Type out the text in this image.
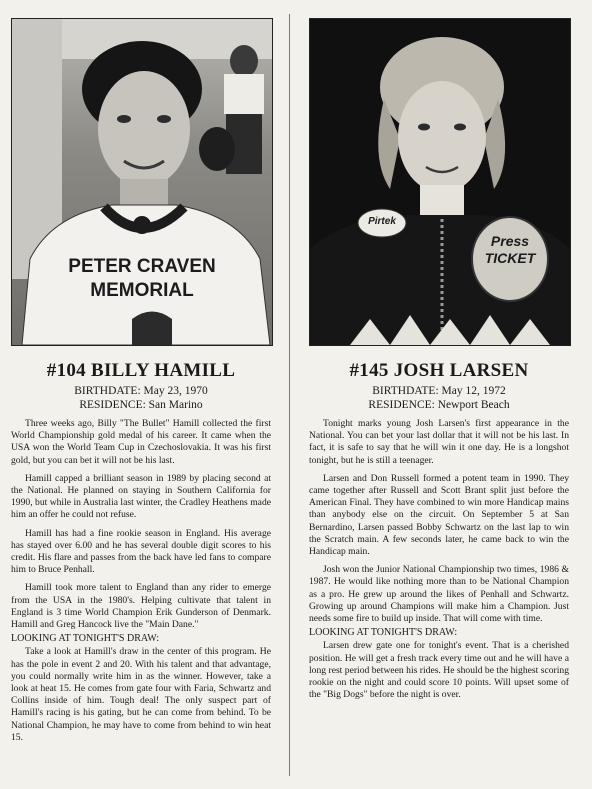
PETER CRAVEN
MEMORIAL
#104 BILLY HAMILL

BIRTHDATE: May 23, 1970

RESIDENCE: San Marino

Three weeks ago, Billy "The Bullet" Hamill collected the first World Championship gold medal of his career. It came when the USA won the World Team Cup in Czechoslovakia. It was his first gold, but you can bet it will not be his last.

Hamill capped a brilliant season in 1989 by placing second at the National. He planned on staying in Southern California for 1990, but while in Australia last winter, the Cradley Heathens made him an offer he could not refuse.

Hamill has had a fine rookie season in England. His average has stayed over 6.00 and he has several double digit scores to his credit. His flare and passes from the back have led fans to compare him to Bruce Penhall.

Hamill took more talent to England than any rider to emerge from the USA in the 1980's. Helping cultivate that talent in England is 3 time World Champion Erik Gunderson of Denmark. Hamill and Greg Hancock live the "Main Dane."

LOOKING AT TONIGHT'S DRAW:

Take a look at Hamill's draw in the center of this program. He has the pole in event 2 and 20. With his talent and that advantage, you could normally write him in as the winner. However, take a look at heat 15. He comes from gate four with Faria, Schwartz and Collins inside of him. Tough deal! The only suspect part of Hamill's racing is his gating, but he can come from behind. To be National Champion, he may have to come from behind to win heat 15.

Pirtek
Press
TICKET
#145 JOSH LARSEN

BIRTHDATE: May 12, 1972

RESIDENCE: Newport Beach

Tonight marks young Josh Larsen's first appearance in the National. You can bet your last dollar that it will not be his last. In fact, it is safe to say that he will win it one day. He is a longshot tonight, but he is still a teenager.

Larsen and Don Russell formed a potent team in 1990. They came together after Russell and Scott Brant split just before the American Final. They have combined to win more Handicap mains than anybody else on the circuit. On September 5 at San Bernardino, Larsen passed Bobby Schwartz on the last lap to win the Scratch main. A few seconds later, he came back to win the Handicap main.

Josh won the Junior National Championship two times, 1986 & 1987. He would like nothing more than to be National Champion as a pro. He grew up around the likes of Penhall and Schwartz. Growing up around Champions will make him a Champion. Just needs some fire to build up inside. That will come with time.

LOOKING AT TONIGHT'S DRAW:

Larsen drew gate one for tonight's event. That is a cherished position. He will get a fresh track every time out and he will have a long rest period between his rides. He should be the highest scoring rookie on the night and could score 10 points. Will upset some of the "Big Dogs" before the night is over.
